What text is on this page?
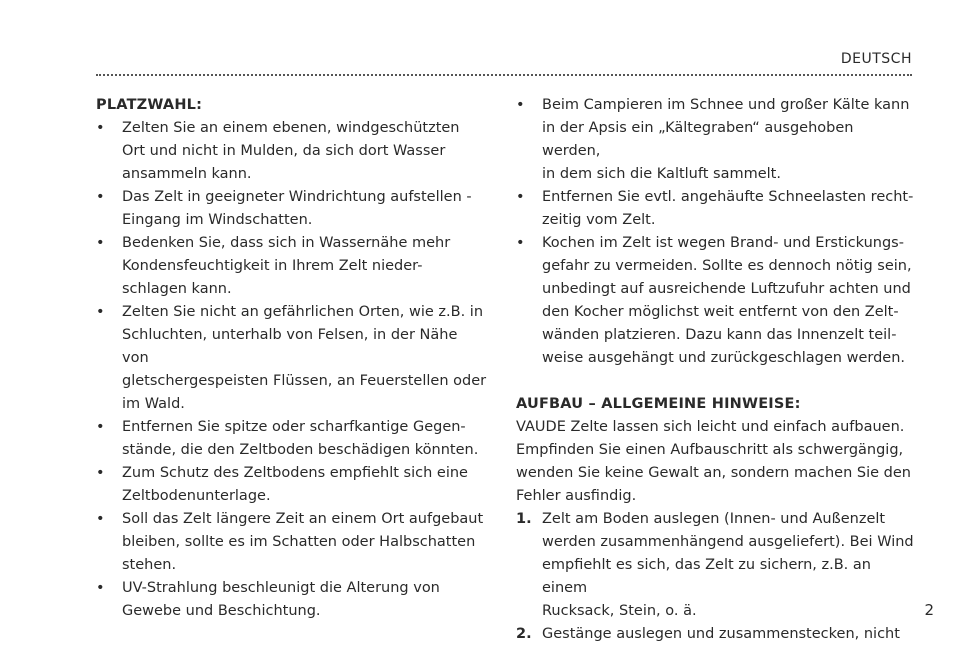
DEUTSCH
PLATZWAHL:
• Zelten Sie an einem ebenen, windgeschützten
Ort und nicht in Mulden, da sich dort Wasser
ansammeln kann.
• Das Zelt in geeigneter Windrichtung aufstellen -
Eingang im Windschatten.
• Bedenken Sie, dass sich in Wassernähe mehr
Kondensfeuchtigkeit in Ihrem Zelt nieder-
schlagen kann.
• Zelten Sie nicht an gefährlichen Orten, wie z.B. in
Schluchten, unterhalb von Felsen, in der Nähe von
gletschergespeisten Flüssen, an Feuerstellen oder
im Wald.
• Entfernen Sie spitze oder scharfkantige Gegen-
stände, die den Zeltboden beschädigen könnten.
• Zum Schutz des Zeltbodens empfiehlt sich eine
Zeltbodenunterlage.
• Soll das Zelt längere Zeit an einem Ort aufgebaut
bleiben, sollte es im Schatten oder Halbschatten
stehen.
• UV-Strahlung beschleunigt die Alterung von
Gewebe und Beschichtung.
• Beim Campieren im Schnee und großer Kälte kann
in der Apsis ein „Kältegraben“ ausgehoben werden,
in dem sich die Kaltluft sammelt.
• Entfernen Sie evtl. angehäufte Schneelasten recht-
zeitig vom Zelt.
• Kochen im Zelt ist wegen Brand- und Erstickungs-
gefahr zu vermeiden. Sollte es dennoch nötig sein,
unbedingt auf ausreichende Luftzufuhr achten und
den Kocher möglichst weit entfernt von den Zelt-
wänden platzieren. Dazu kann das Innenzelt teil-
weise ausgehängt und zurückgeschlagen werden.
AUFBAU – ALLGEMEINE HINWEISE:
VAUDE Zelte lassen sich leicht und einfach aufbauen.
Empfinden Sie einen Aufbauschritt als schwergängig,
wenden Sie keine Gewalt an, sondern machen Sie den
Fehler ausfindig.
1. Zelt am Boden auslegen (Innen- und Außenzelt
werden zusammenhängend ausgeliefert). Bei Wind
empfiehlt es sich, das Zelt zu sichern, z.B. an einem
Rucksack, Stein, o. ä.
2. Gestänge auslegen und zusammenstecken, nicht
2
